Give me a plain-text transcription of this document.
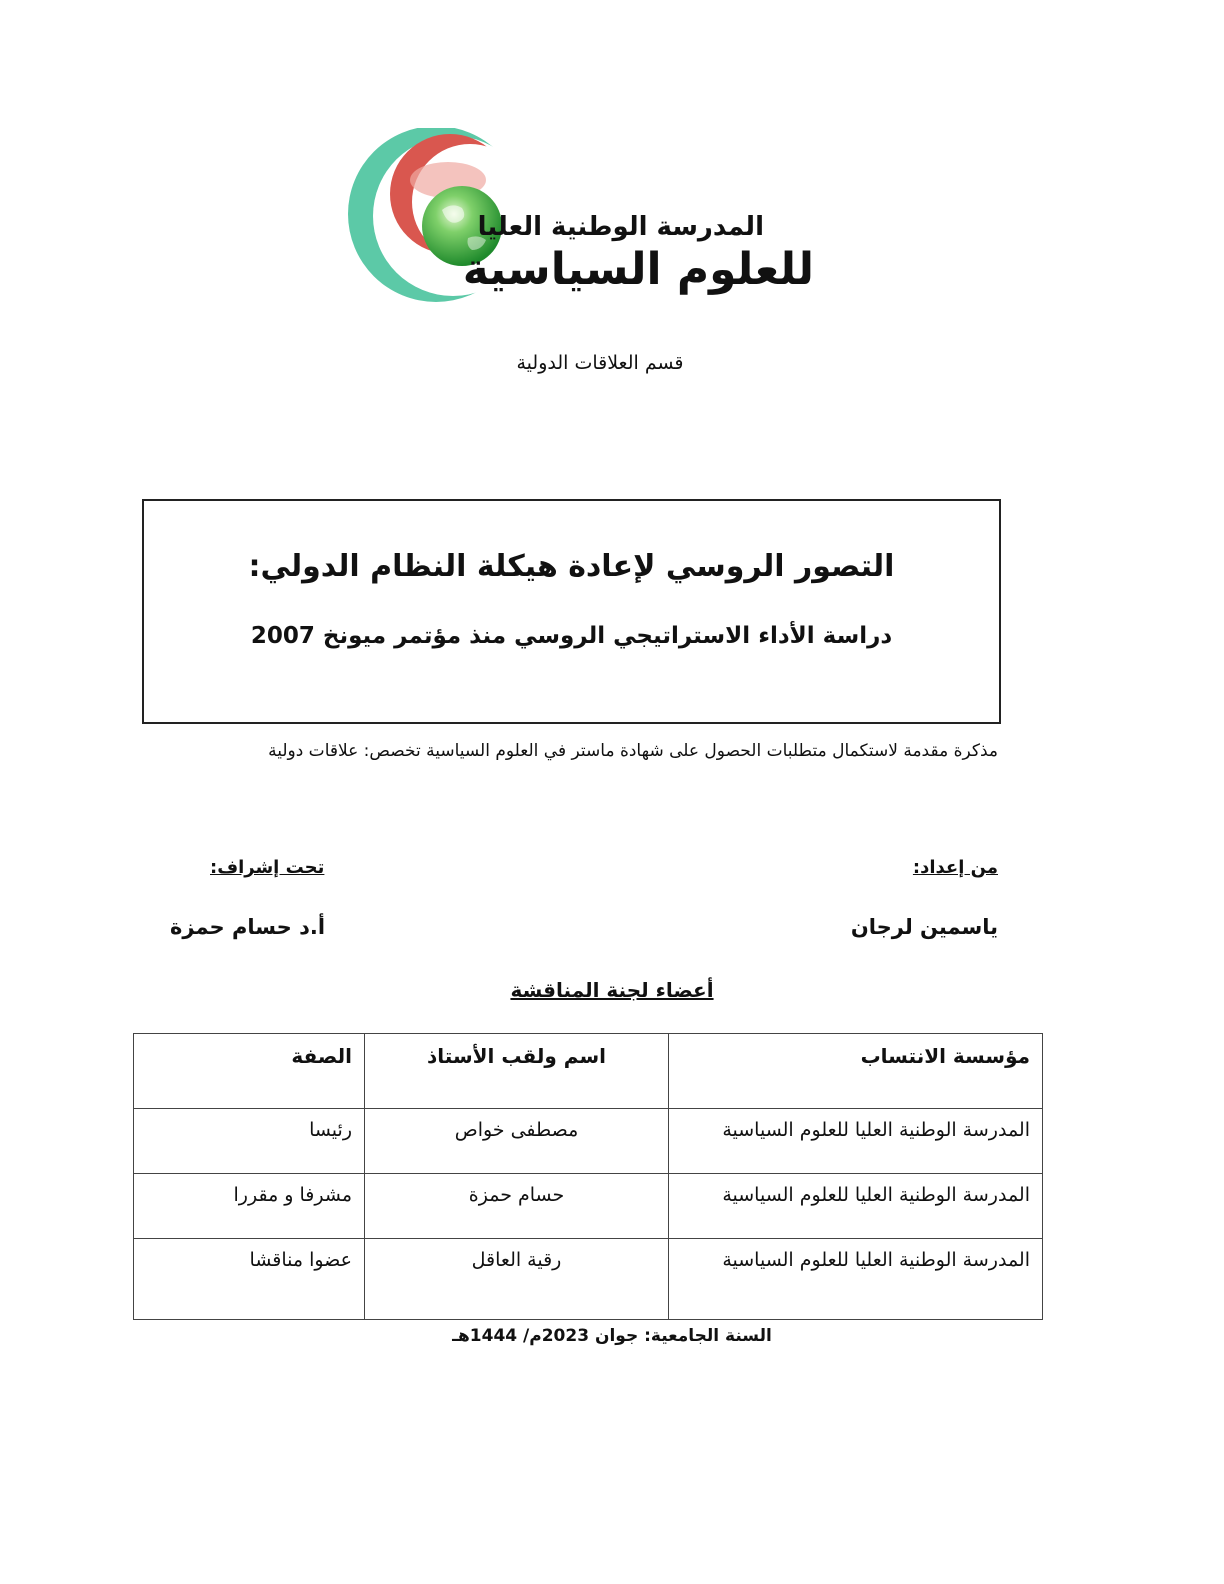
المدرسة الوطنية العليا
للعلوم السياسية
قسم العلاقات الدولية
التصور الروسي لإعادة هيكلة النظام الدولي:
دراسة الأداء الاستراتيجي الروسي منذ مؤتمر ميونخ 2007
مذكرة مقدمة لاستكمال متطلبات الحصول على شهادة ماستر في العلوم السياسية تخصص: علاقات دولية
من إعداد:
تحت إشراف:
ياسمين لرجان
أ.د حسام حمزة
أعضاء لجنة المناقشة
مؤسسة الانتساب	اسم ولقب الأستاذ	الصفة
المدرسة الوطنية العليا للعلوم السياسية	مصطفى خواص	رئيسا
المدرسة الوطنية العليا للعلوم السياسية	حسام حمزة	مشرفا و مقررا
المدرسة الوطنية العليا للعلوم السياسية	رقية العاقل	عضوا مناقشا
السنة الجامعية: جوان 2023م/ 1444هـ
